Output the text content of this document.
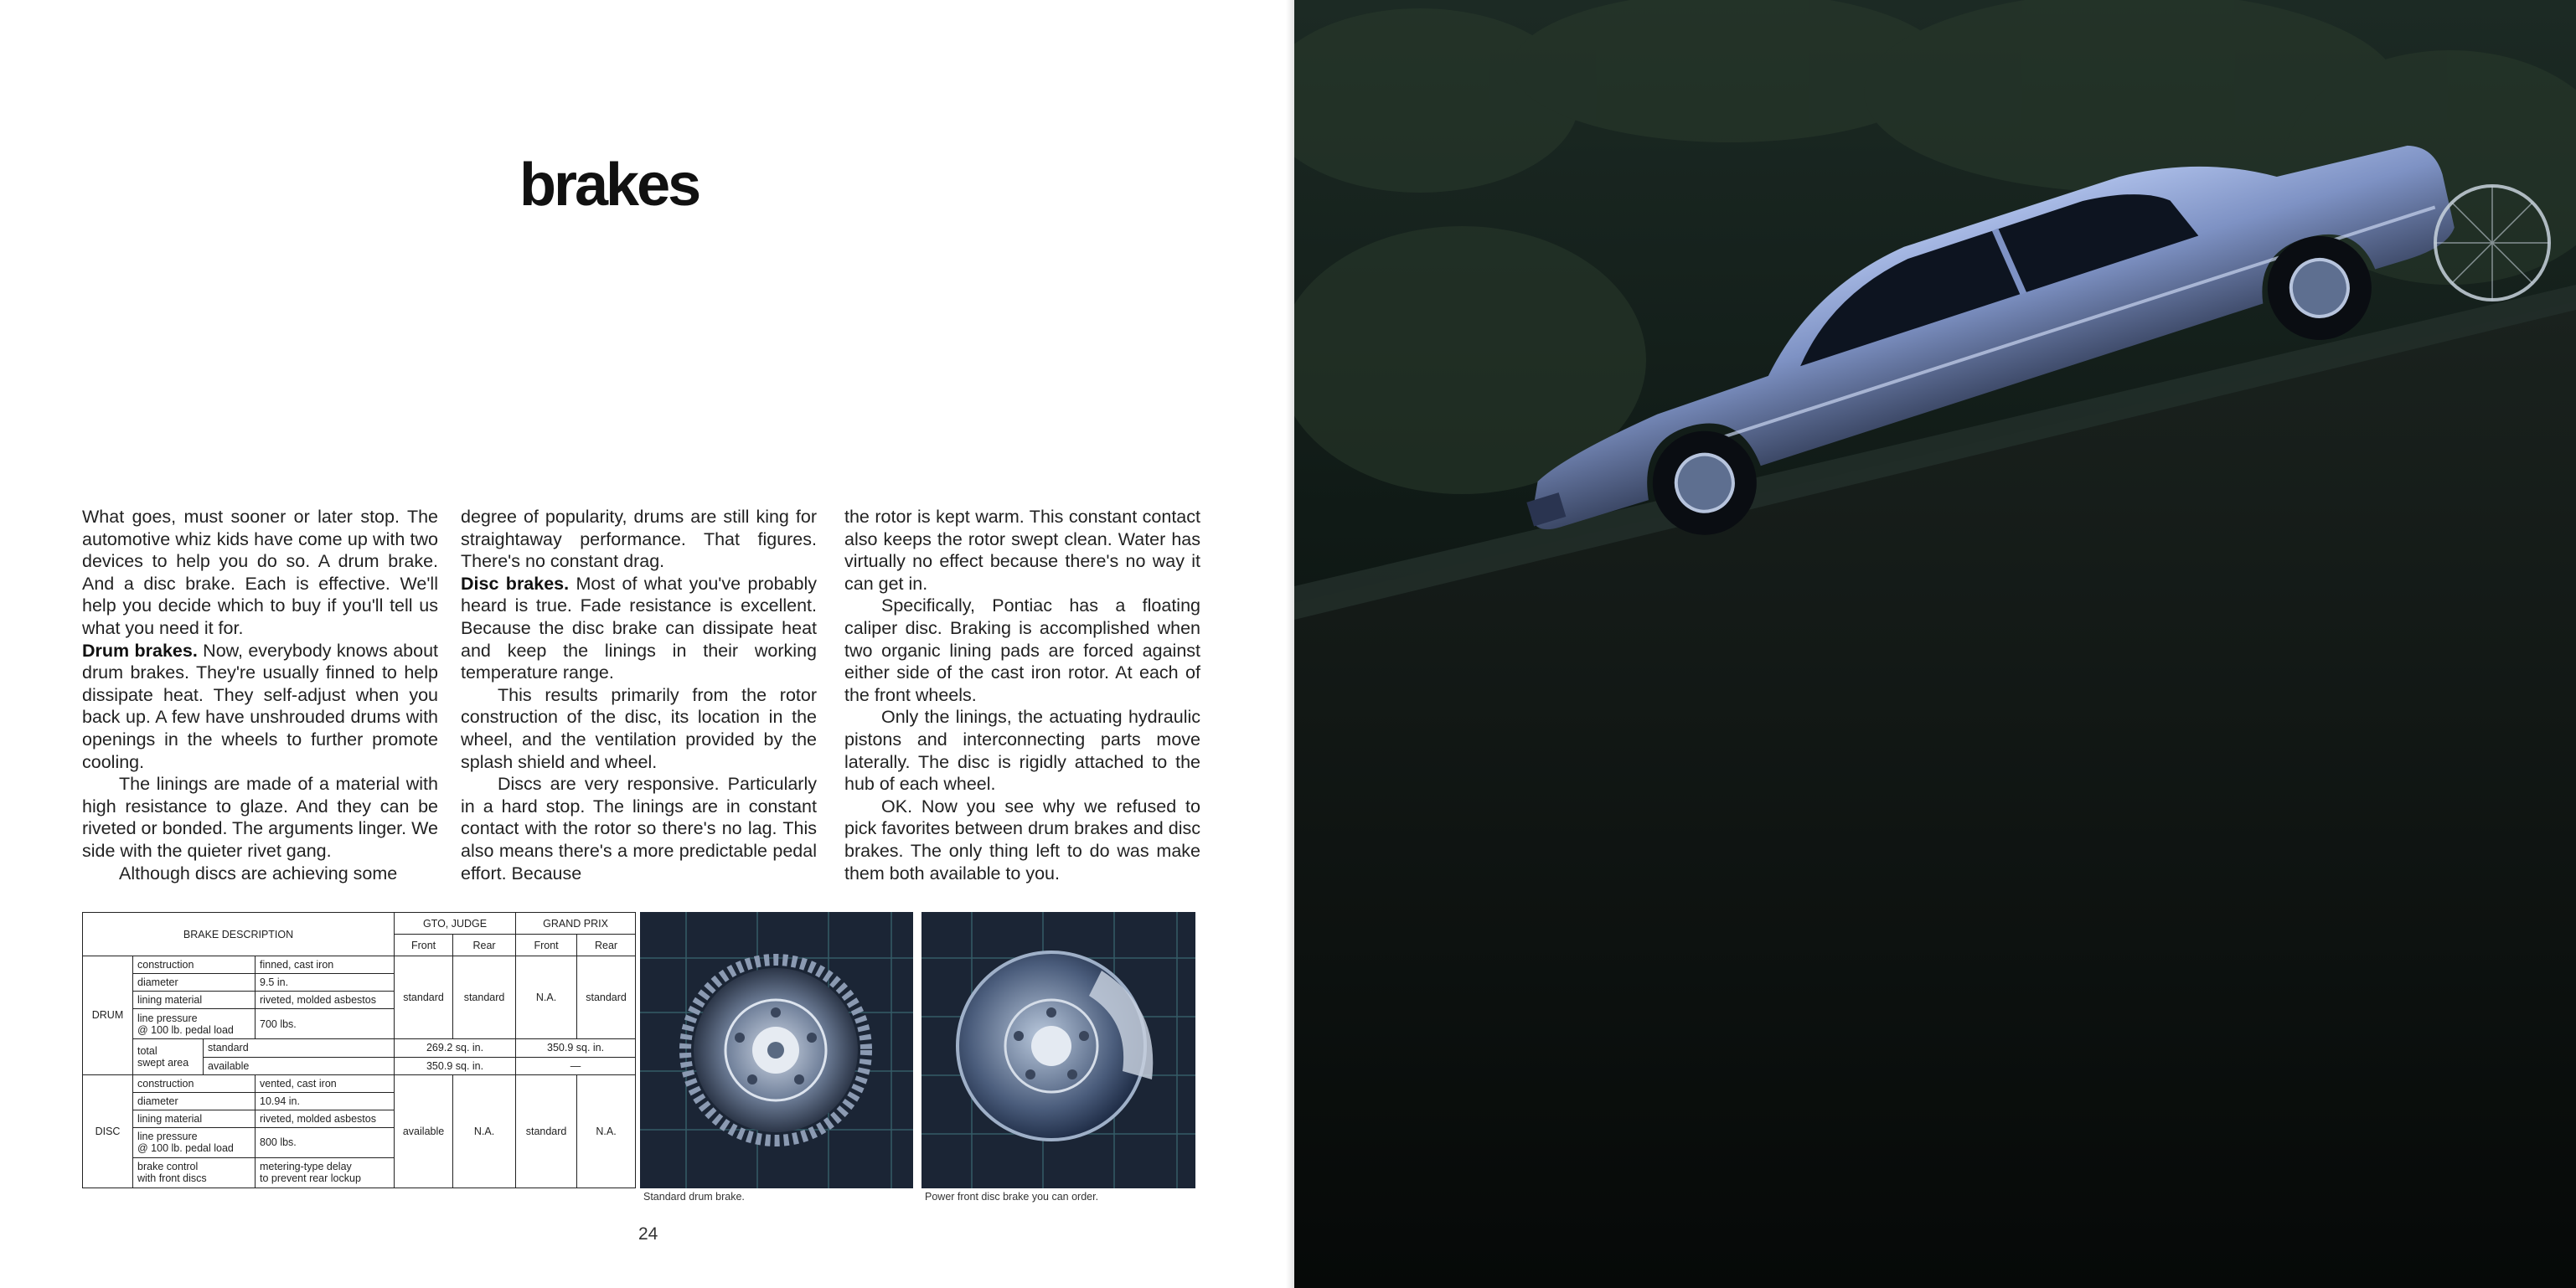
brakes

What goes, must sooner or later stop. The automotive whiz kids have come up with two devices to help you do so. A drum brake. And a disc brake. Each is effective. We'll help you decide which to buy if you'll tell us what you need it for.

Drum brakes. Now, everybody knows about drum brakes. They're usually finned to help dissipate heat. They self-adjust when you back up. A few have unshrouded drums with openings in the wheels to further promote cooling.

The linings are made of a material with high resistance to glaze. And they can be riveted or bonded. The arguments linger. We side with the quieter rivet gang.

Although discs are achieving some

degree of popularity, drums are still king for straightaway performance. That figures. There's no constant drag.

Disc brakes. Most of what you've probably heard is true. Fade resistance is excellent. Because the disc brake can dissipate heat and keep the linings in their working temperature range.

This results primarily from the rotor construction of the disc, its location in the wheel, and the ventilation provided by the splash shield and wheel.

Discs are very responsive. Particularly in a hard stop. The linings are in constant contact with the rotor so there's no lag. This also means there's a more predictable pedal effort. Because

the rotor is kept warm. This constant contact also keeps the rotor swept clean. Water has virtually no effect because there's no way it can get in.

Specifically, Pontiac has a floating caliper disc. Braking is accomplished when two organic lining pads are forced against either side of the cast iron rotor. At each of the front wheels.

Only the linings, the actuating hydraulic pistons and interconnecting parts move laterally. The disc is rigidly attached to the hub of each wheel.

OK. Now you see why we refused to pick favorites between drum brakes and disc brakes. The only thing left to do was make them both available to you.

BRAKE DESCRIPTION				GTO, JUDGE		GRAND PRIX	
				Front	Rear	Front	Rear
DRUM	construction		finned, cast iron	standard	standard	N.A.	standard
	diameter		9.5 in.				
	lining material		riveted, molded asbestos				
	line pressure
@ 100 lb. pedal load		700 lbs.				
	total
swept area	standard		269.2 sq. in.		350.9 sq. in.	
		available		350.9 sq. in.		—	
DISC	construction		vented, cast iron	available	N.A.	standard	N.A.
	diameter		10.94 in.				
	lining material		riveted, molded asbestos				
	line pressure
@ 100 lb. pedal load		800 lbs.				
	brake control
with front discs		metering-type delay
to prevent rear lockup				
Standard drum brake.	Power front disc brake you can order.
24
